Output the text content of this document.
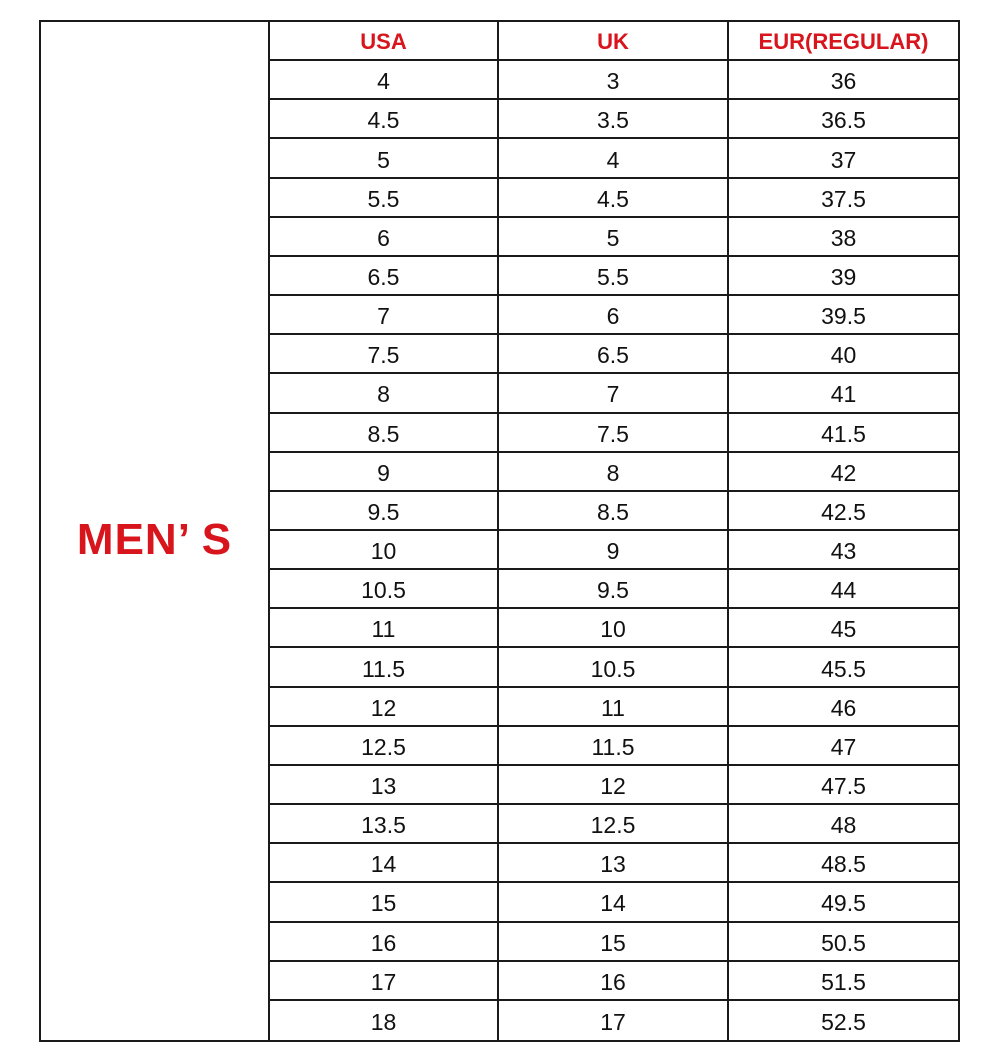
MEN’ S
USA	UK	EUR(REGULAR)
4	3	36
4.5	3.5	36.5
5	4	37
5.5	4.5	37.5
6	5	38
6.5	5.5	39
7	6	39.5
7.5	6.5	40
8	7	41
8.5	7.5	41.5
9	8	42
9.5	8.5	42.5
10	9	43
10.5	9.5	44
11	10	45
11.5	10.5	45.5
12	11	46
12.5	11.5	47
13	12	47.5
13.5	12.5	48
14	13	48.5
15	14	49.5
16	15	50.5
17	16	51.5
18	17	52.5
